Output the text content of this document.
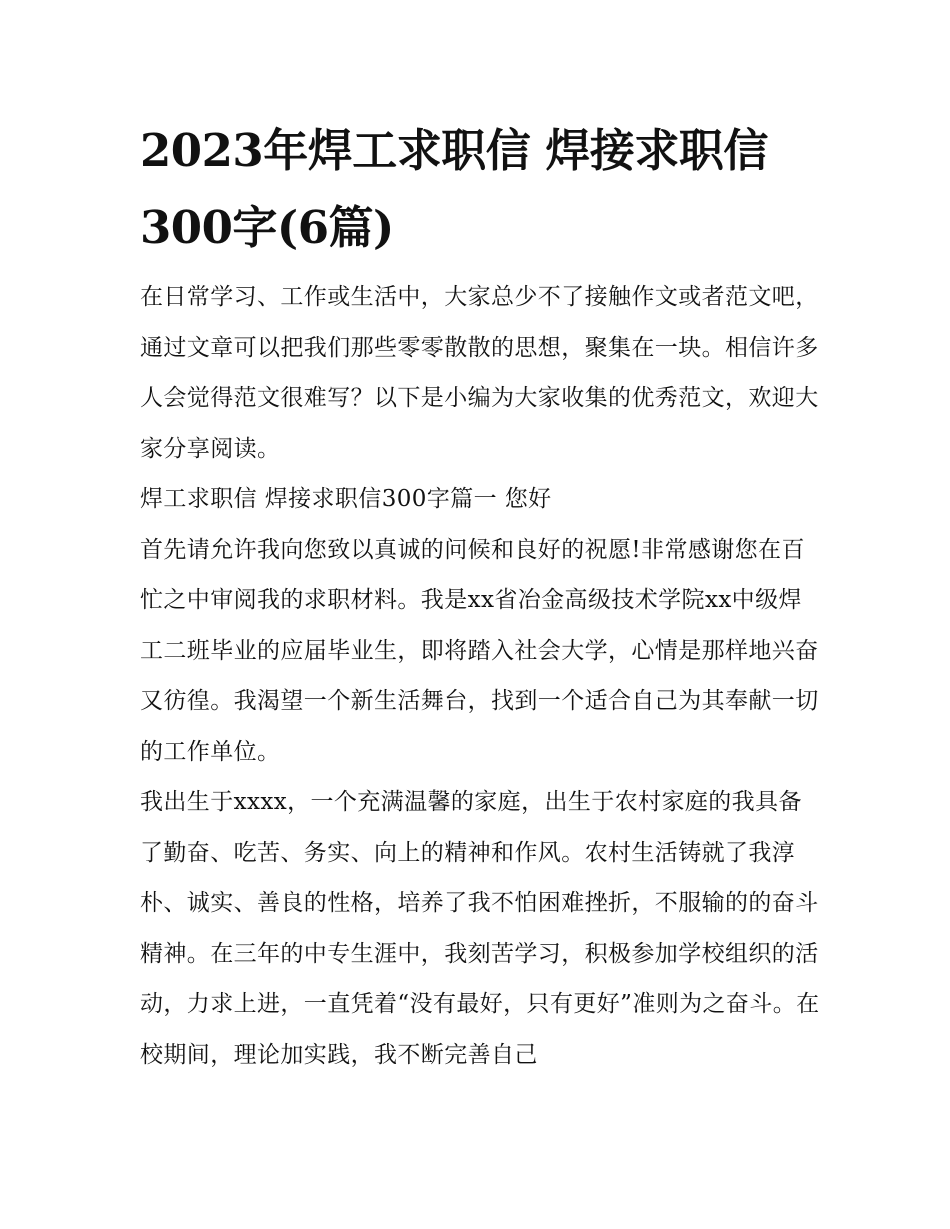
2023年焊工求职信 焊接求职信300字(6篇)

在日常学习、工作或生活中，大家总少不了接触作文或者范文吧，通过文章可以把我们那些零零散散的思想，聚集在一块。相信许多人会觉得范文很难写？以下是小编为大家收集的优秀范文，欢迎大家分享阅读。

焊工求职信 焊接求职信300字篇一 您好

首先请允许我向您致以真诚的问候和良好的祝愿!非常感谢您在百忙之中审阅我的求职材料。我是xx省冶金高级技术学院xx中级焊工二班毕业的应届毕业生，即将踏入社会大学，心情是那样地兴奋又彷徨。我渴望一个新生活舞台，找到一个适合自己为其奉献一切的工作单位。

我出生于xxxx，一个充满温馨的家庭，出生于农村家庭的我具备了勤奋、吃苦、务实、向上的精神和作风。农村生活铸就了我淳朴、诚实、善良的性格，培养了我不怕困难挫折，不服输的的奋斗精神。在三年的中专生涯中，我刻苦学习，积极参加学校组织的活动，力求上进，一直凭着“没有最好，只有更好”准则为之奋斗。在校期间，理论加实践，我不断完善自己
